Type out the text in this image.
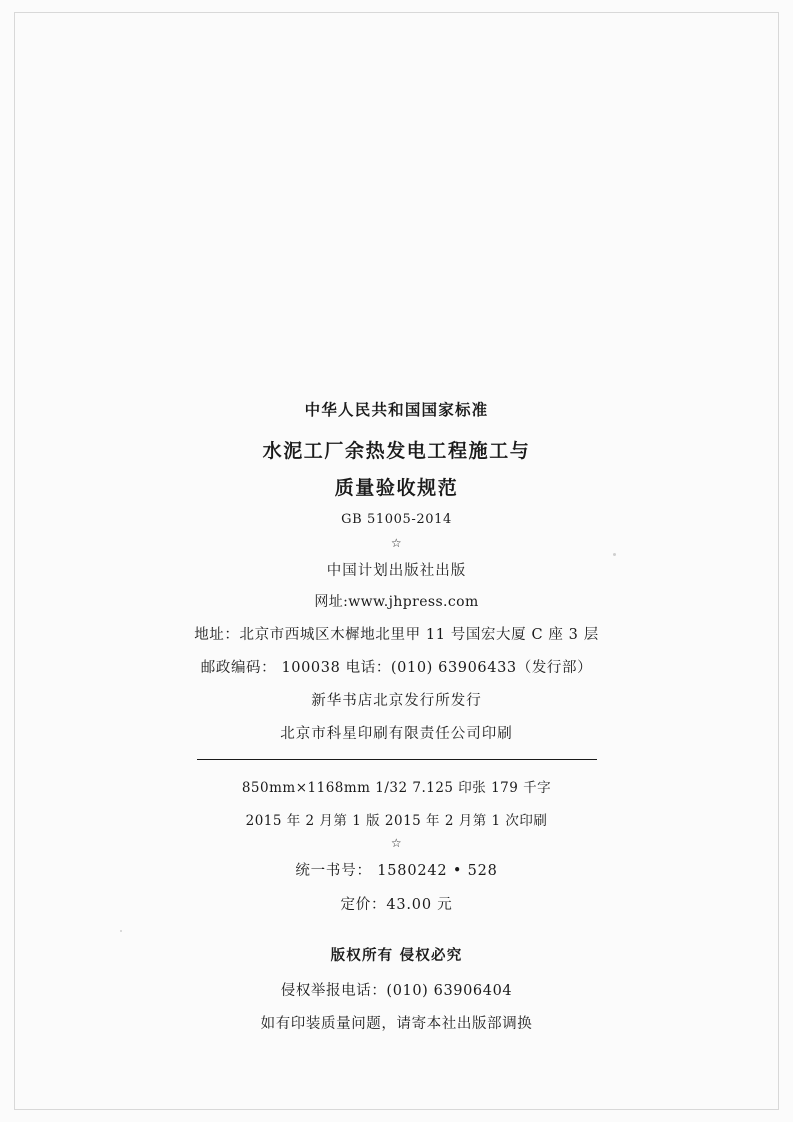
中华人民共和国国家标准
水泥工厂余热发电工程施工与
质量验收规范
GB 51005-2014
☆
中国计划出版社出版
网址:www.jhpress.com
地址：北京市西城区木樨地北里甲 11 号国宏大厦 C 座 3 层
邮政编码： 100038 电话：(010) 63906433（发行部）
新华书店北京发行所发行
北京市科星印刷有限责任公司印刷
850mm×1168mm 1/32 7.125 印张 179 千字
2015 年 2 月第 1 版 2015 年 2 月第 1 次印刷
☆
统一书号： 1580242 • 528
定价：43.00 元
版权所有 侵权必究
侵权举报电话：(010) 63906404
如有印装质量问题，请寄本社出版部调换
